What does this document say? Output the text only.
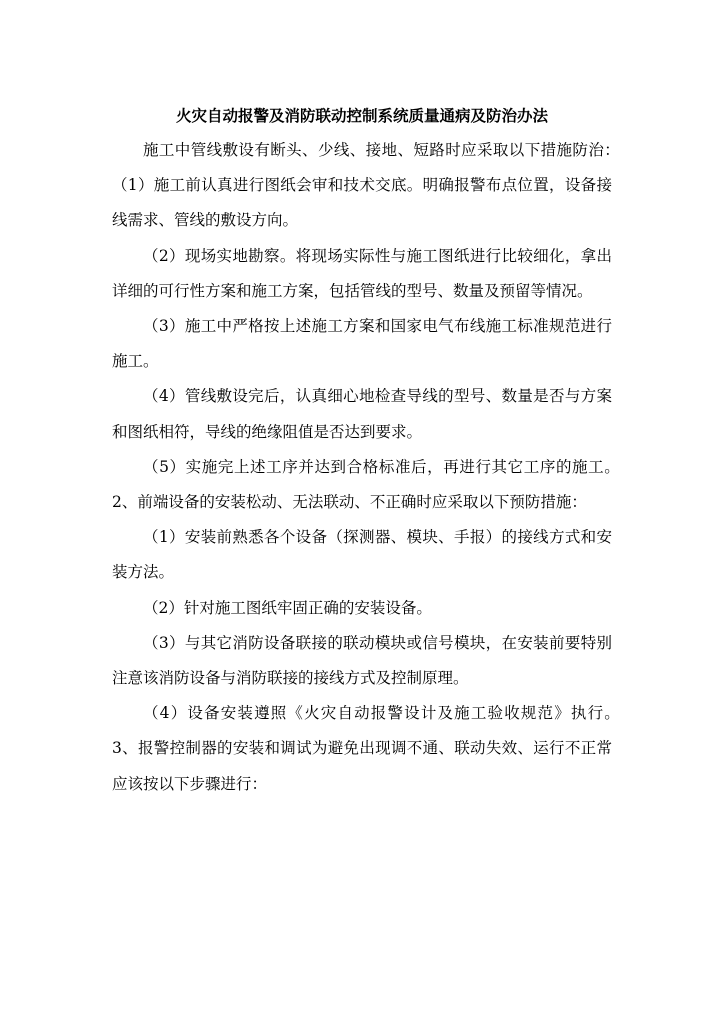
火灾自动报警及消防联动控制系统质量通病及防治办法

施工中管线敷设有断头、少线、接地、短路时应采取以下措施防治：　（1）施工前认真进行图纸会审和技术交底。明确报警布点位置，设备接线需求、管线的敷设方向。

（2）现场实地勘察。将现场实际性与施工图纸进行比较细化，拿出详细的可行性方案和施工方案，包括管线的型号、数量及预留等情况。

（3）施工中严格按上述施工方案和国家电气布线施工标准规范进行施工。

（4）管线敷设完后，认真细心地检查导线的型号、数量是否与方案和图纸相符，导线的绝缘阻值是否达到要求。

（5）实施完上述工序并达到合格标准后，再进行其它工序的施工。　2、前端设备的安装松动、无法联动、不正确时应采取以下预防措施：

（1）安装前熟悉各个设备（探测器、模块、手报）的接线方式和安装方法。

（2）针对施工图纸牢固正确的安装设备。

（3）与其它消防设备联接的联动模块或信号模块，在安装前要特别注意该消防设备与消防联接的接线方式及控制原理。

（4）设备安装遵照《火灾自动报警设计及施工验收规范》执行。　3、报警控制器的安装和调试为避免出现调不通、联动失效、运行不正常应该按以下步骤进行：
